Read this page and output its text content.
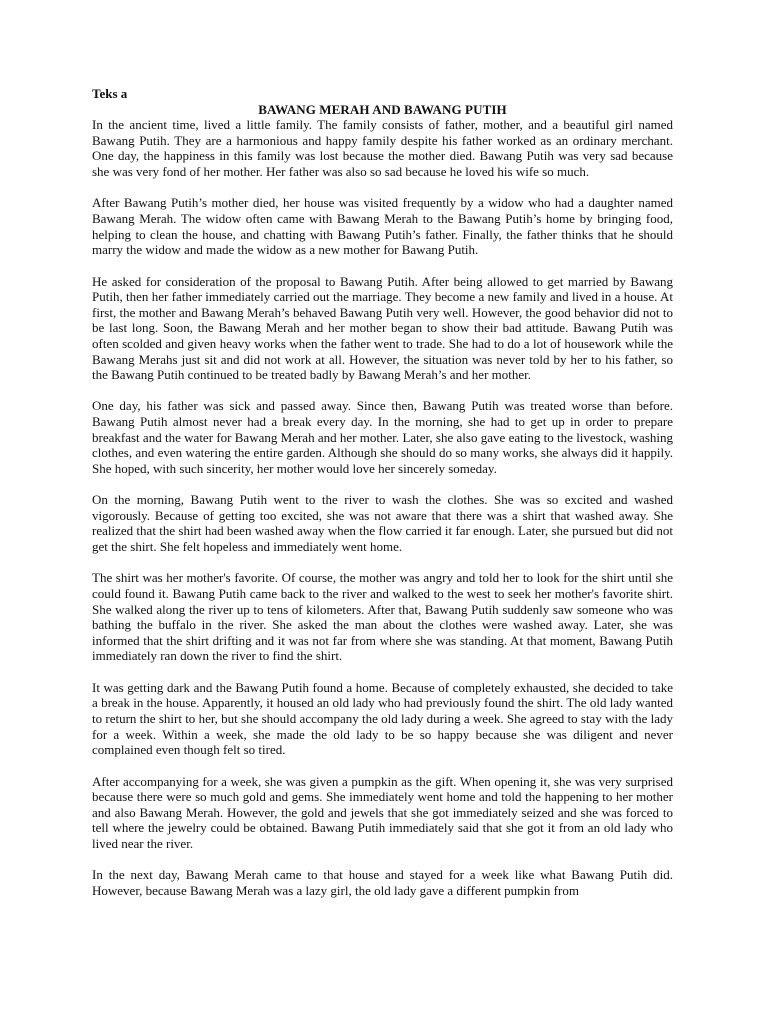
Teks a

BAWANG MERAH AND BAWANG PUTIH

In the ancient time, lived a little family. The family consists of father, mother, and a beautiful girl named Bawang Putih. They are a harmonious and happy family despite his father worked as an ordinary merchant. One day, the happiness in this family was lost because the mother died. Bawang Putih was very sad because she was very fond of her mother. Her father was also so sad because he loved his wife so much.

After Bawang Putih’s mother died, her house was visited frequently by a widow who had a daughter named Bawang Merah. The widow often came with Bawang Merah to the Bawang Putih’s home by bringing food, helping to clean the house, and chatting with Bawang Putih’s father. Finally, the father thinks that he should marry the widow and made the widow as a new mother for Bawang Putih.

He asked for consideration of the proposal to Bawang Putih. After being allowed to get married by Bawang Putih, then her father immediately carried out the marriage. They become a new family and lived in a house. At first, the mother and Bawang Merah’s behaved Bawang Putih very well. However, the good behavior did not to be last long. Soon, the Bawang Merah and her mother began to show their bad attitude. Bawang Putih was often scolded and given heavy works when the father went to trade. She had to do a lot of housework while the Bawang Merahs just sit and did not work at all. However, the situation was never told by her to his father, so the Bawang Putih continued to be treated badly by Bawang Merah’s and her mother.

One day, his father was sick and passed away. Since then, Bawang Putih was treated worse than before. Bawang Putih almost never had a break every day. In the morning, she had to get up in order to prepare breakfast and the water for Bawang Merah and her mother. Later, she also gave eating to the livestock, washing clothes, and even watering the entire garden. Although she should do so many works, she always did it happily. She hoped, with such sincerity, her mother would love her sincerely someday.

On the morning, Bawang Putih went to the river to wash the clothes. She was so excited and washed vigorously. Because of getting too excited, she was not aware that there was a shirt that washed away. She realized that the shirt had been washed away when the flow carried it far enough. Later, she pursued but did not get the shirt. She felt hopeless and immediately went home.

The shirt was her mother's favorite. Of course, the mother was angry and told her to look for the shirt until she could found it. Bawang Putih came back to the river and walked to the west to seek her mother's favorite shirt. She walked along the river up to tens of kilometers. After that, Bawang Putih suddenly saw someone who was bathing the buffalo in the river. She asked the man about the clothes were washed away. Later, she was informed that the shirt drifting and it was not far from where she was standing. At that moment, Bawang Putih immediately ran down the river to find the shirt.

It was getting dark and the Bawang Putih found a home. Because of completely exhausted, she decided to take a break in the house. Apparently, it housed an old lady who had previously found the shirt. The old lady wanted to return the shirt to her, but she should accompany the old lady during a week. She agreed to stay with the lady for a week. Within a week, she made the old lady to be so happy because she was diligent and never complained even though felt so tired.

After accompanying for a week, she was given a pumpkin as the gift. When opening it, she was very surprised because there were so much gold and gems. She immediately went home and told the happening to her mother and also Bawang Merah. However, the gold and jewels that she got immediately seized and she was forced to tell where the jewelry could be obtained. Bawang Putih immediately said that she got it from an old lady who lived near the river.

In the next day, Bawang Merah came to that house and stayed for a week like what Bawang Putih did. However, because Bawang Merah was a lazy girl, the old lady gave a different pumpkin from
